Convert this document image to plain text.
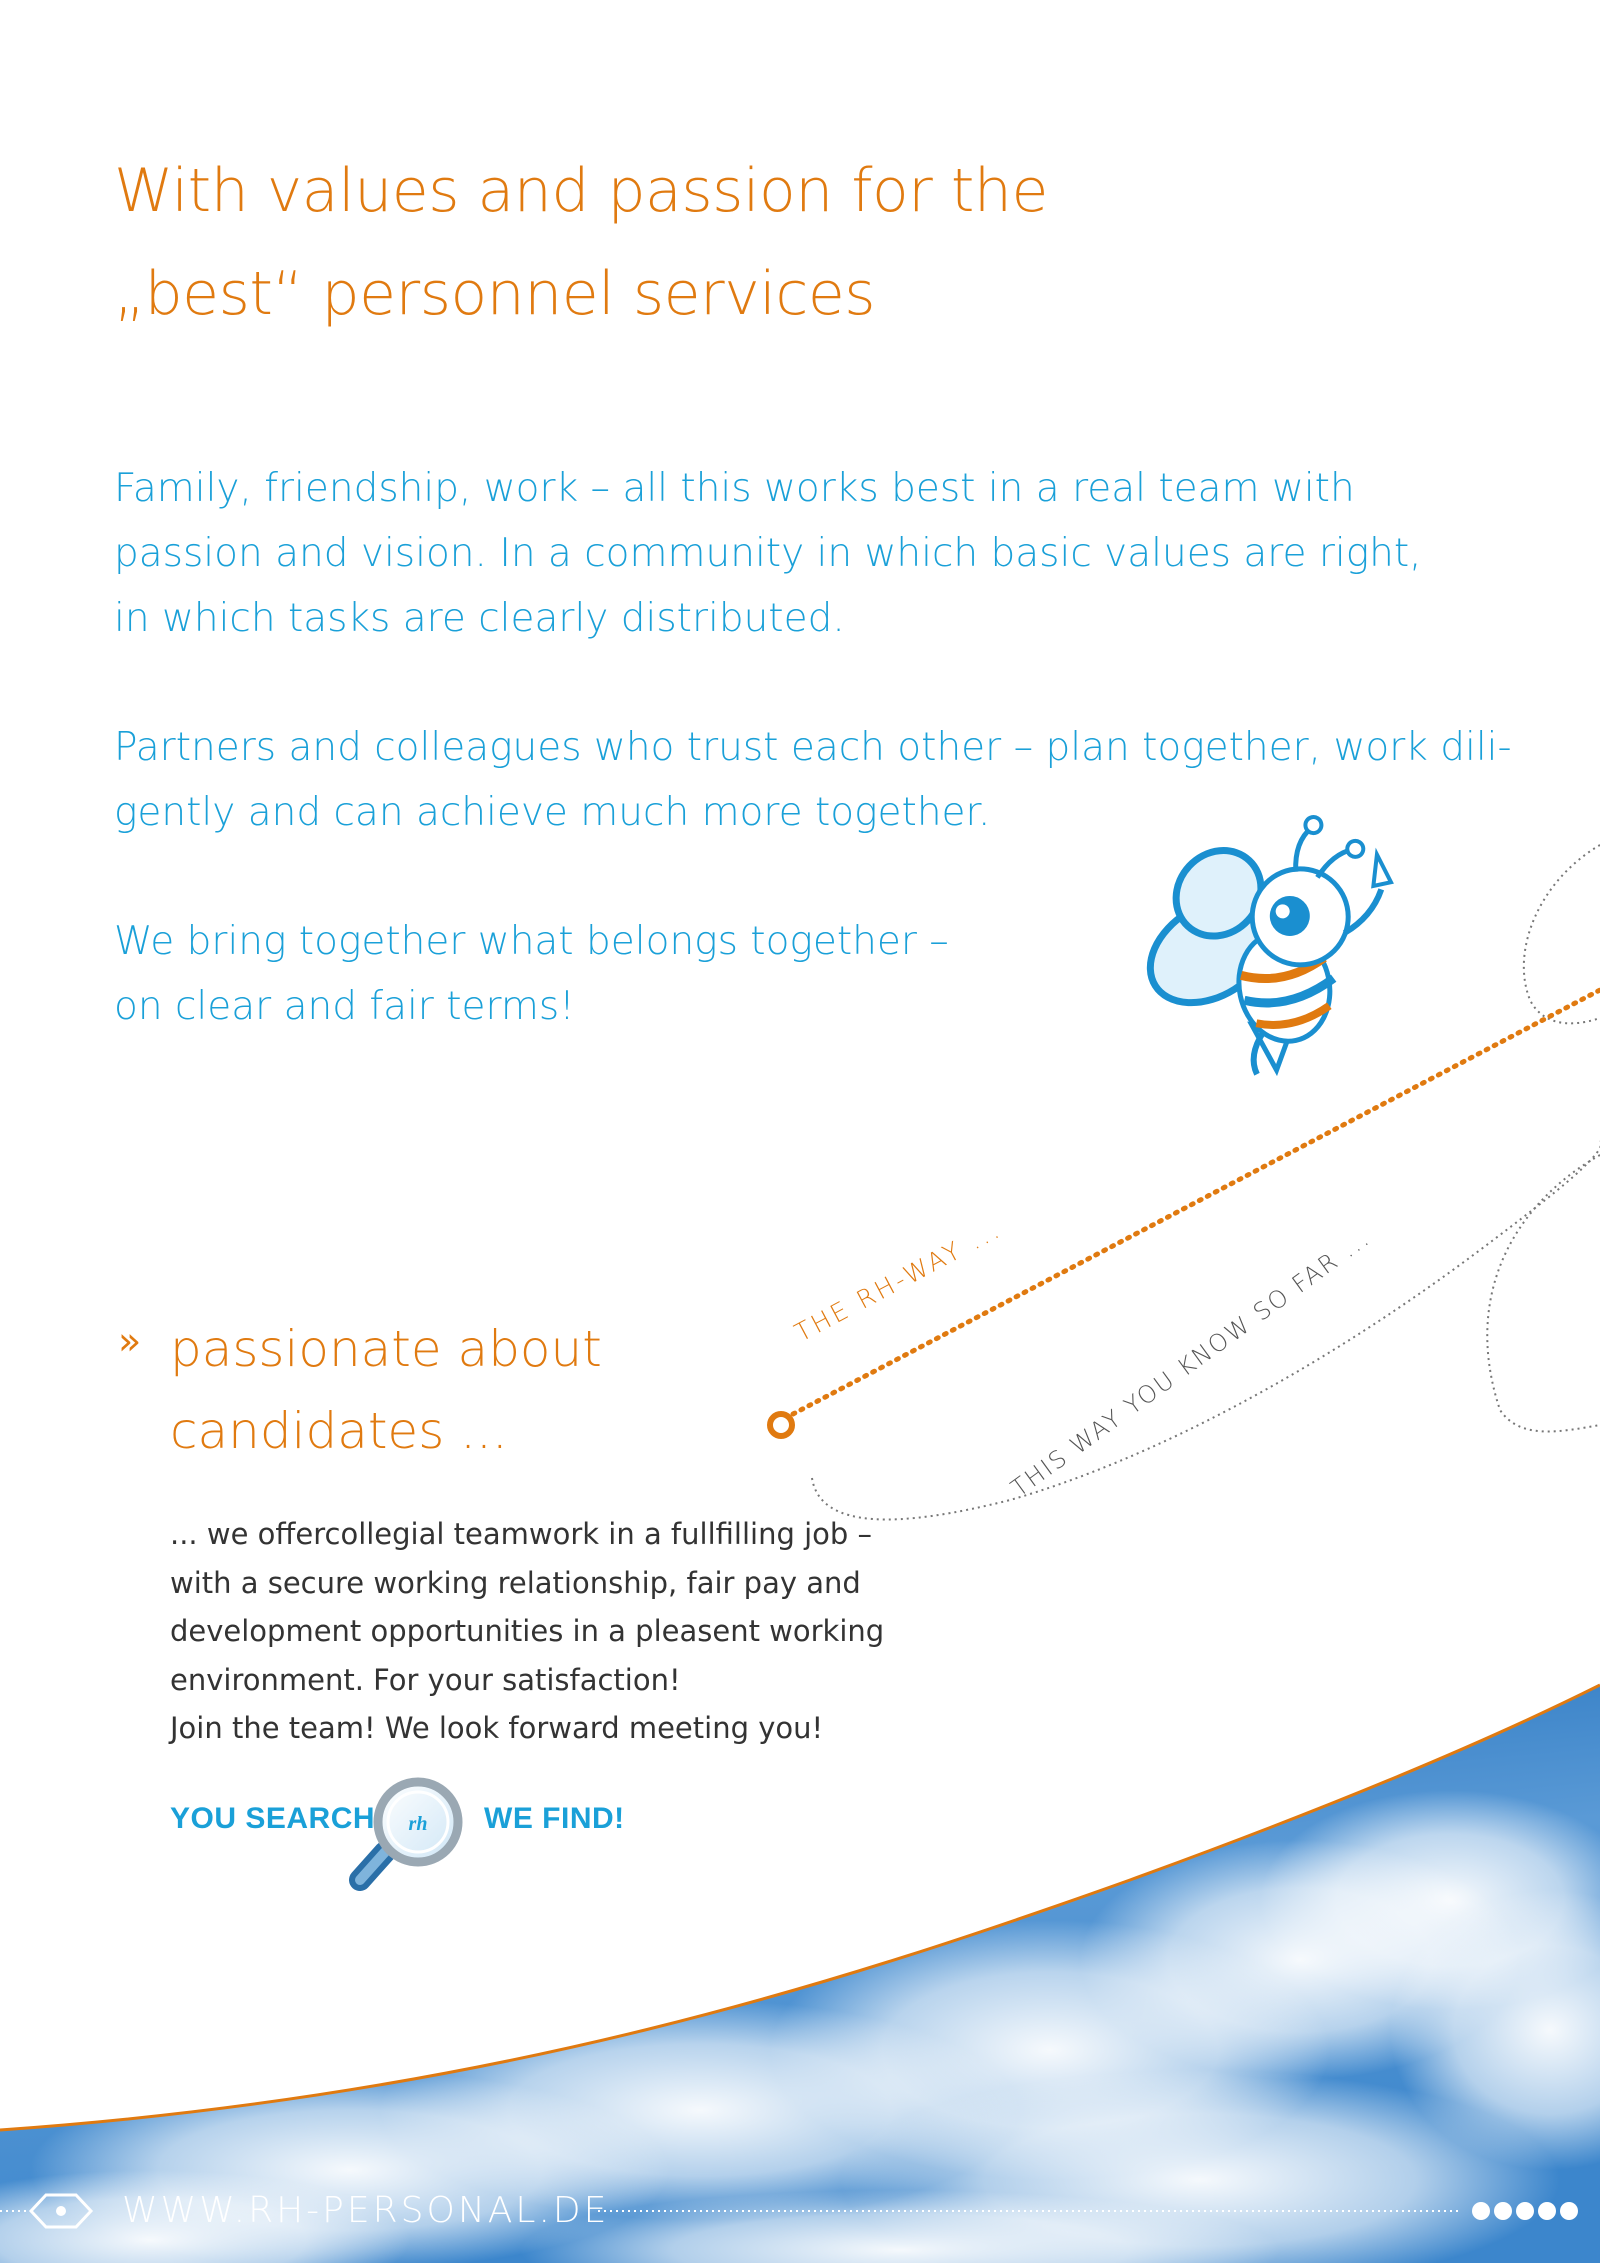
rh
With values and passion for the
„best“ personnel services

Family, friendship, work – all this works best in a real team with
passion and vision. In a community in which basic values are right,
in which tasks are clearly distributed.

Partners and colleagues who trust each other – plan together, work dili-
gently and can achieve much more together.

We bring together what belongs together –
on clear and fair terms!

THE RH-WAY ... THIS WAY YOU KNOW SO FAR ...
» passionate about
candidates ...
... we offercollegial teamwork in a fullfilling job –
with a secure working relationship, fair pay and
development opportunities in a pleasent working
environment. For your satisfaction!
Join the team! We look forward meeting you!
YOU SEARCH	WE FIND!
WWW.RH-PERSONAL.DE
